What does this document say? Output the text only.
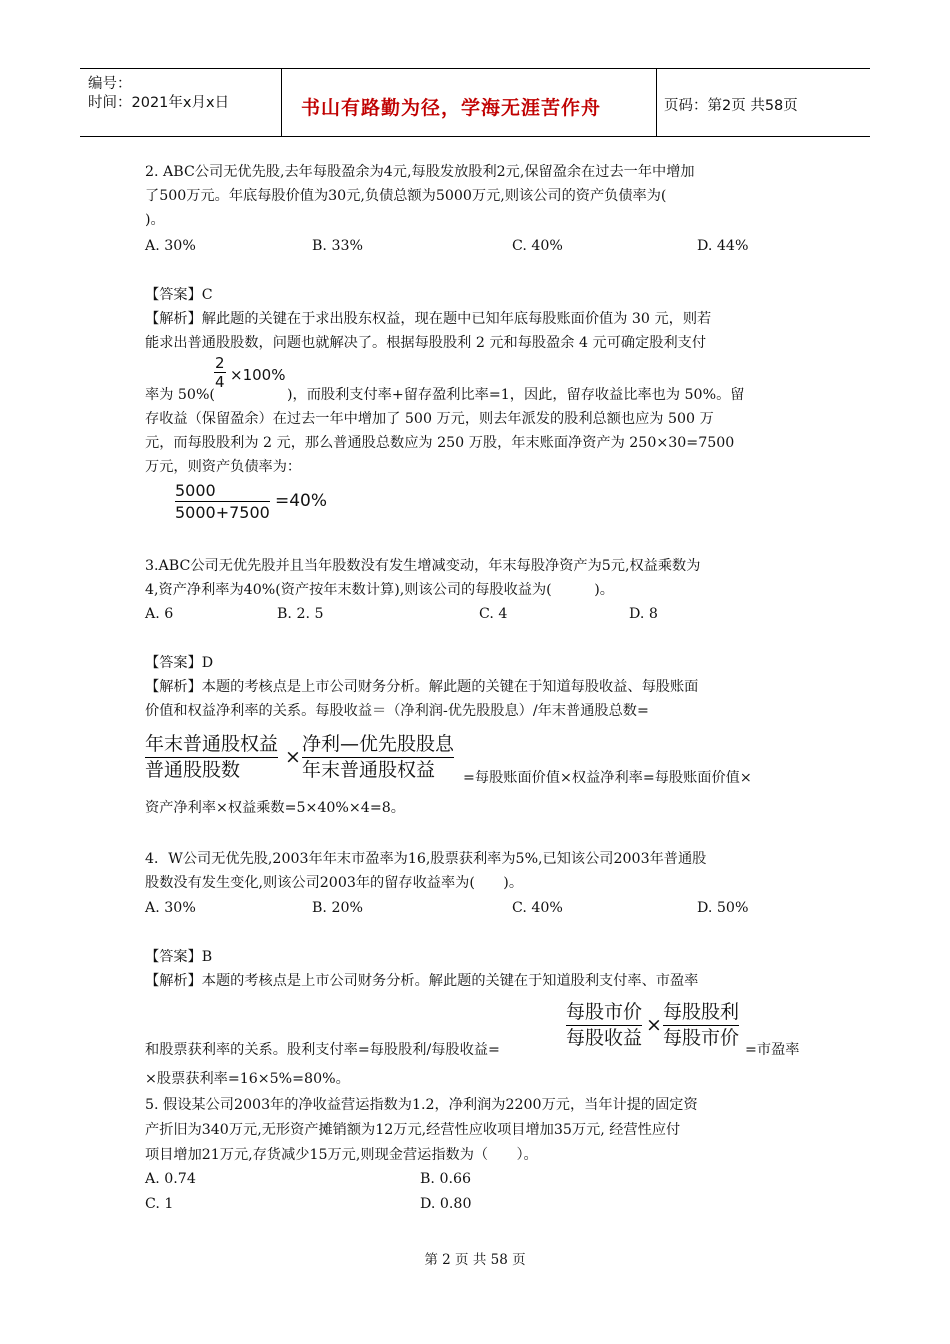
编号：
时间：2021年x月x日	书山有路勤为径，学海无涯苦作舟	页码：第2页 共58页
2. ABC公司无优先股,去年每股盈余为4元,每股发放股利2元,保留盈余在过去一年中增加
了500万元。年底每股价值为30元,负债总额为5000万元,则该公司的资产负债率为(
)。
A. 30%	B. 33%	C. 40%	D. 44%
【答案】C
【解析】解此题的关键在于求出股东权益，现在题中已知年底每股账面价值为 30 元，则若
能求出普通股股数，问题也就解决了。根据每股股利 2 元和每股盈余 4 元可确定股利支付
率为 50%(
$\frac{2}{4} \times 100\%$
)，而股利支付率+留存盈利比率=1，因此，留存收益比率也为 50%。留
存收益（保留盈余）在过去一年中增加了 500 万元，则去年派发的股利总额也应为 500 万
元，而每股股利为 2 元，那么普通股总数应为 250 万股，年末账面净资产为 250×30=7500
万元，则资产负债率为：
$\frac{5000}{5000+7500} =40\%$
3.ABC公司无优先股并且当年股数没有发生增减变动，年末每股净资产为5元,权益乘数为
4,资产净利率为40%(资产按年末数计算),则该公司的每股收益为(　　　)。
A. 6	B. 2. 5	C. 4	D. 8
【答案】D
【解析】本题的考核点是上市公司财务分析。解此题的关键在于知道每股收益、每股账面
价值和权益净利率的关系。每股收益＝（净利润-优先股股息）/年末普通股总数=
年末普通股权益
普通股股数
×
净利—优先股股息
年末普通股权益	=每股账面价值×权益净利率=每股账面价值×
资产净利率×权益乘数=5×40%×4=8。
4．W公司无优先股,2003年年末市盈率为16,股票获利率为5%,已知该公司2003年普通股
股数没有发生变化,则该公司2003年的留存收益率为(　　)。
A. 30%	B. 20%	C. 40%	D. 50%
【答案】B
【解析】本题的考核点是上市公司财务分析。解此题的关键在于知道股利支付率、市盈率
和股票获利率的关系。股利支付率=每股股利/每股收益=
每股市价
每股收益
×
每股股利
每股市价
=市盈率
×股票获利率=16×5%=80%。
5. 假设某公司2003年的净收益营运指数为1.2，净利润为2200万元，当年计提的固定资
产折旧为340万元,无形资产摊销额为12万元,经营性应收项目增加35万元, 经营性应付
项目增加21万元,存货减少15万元,则现金营运指数为（　　）。
A. 0.74	B. 0.66
C. 1	D. 0.80
第 2 页 共 58 页
